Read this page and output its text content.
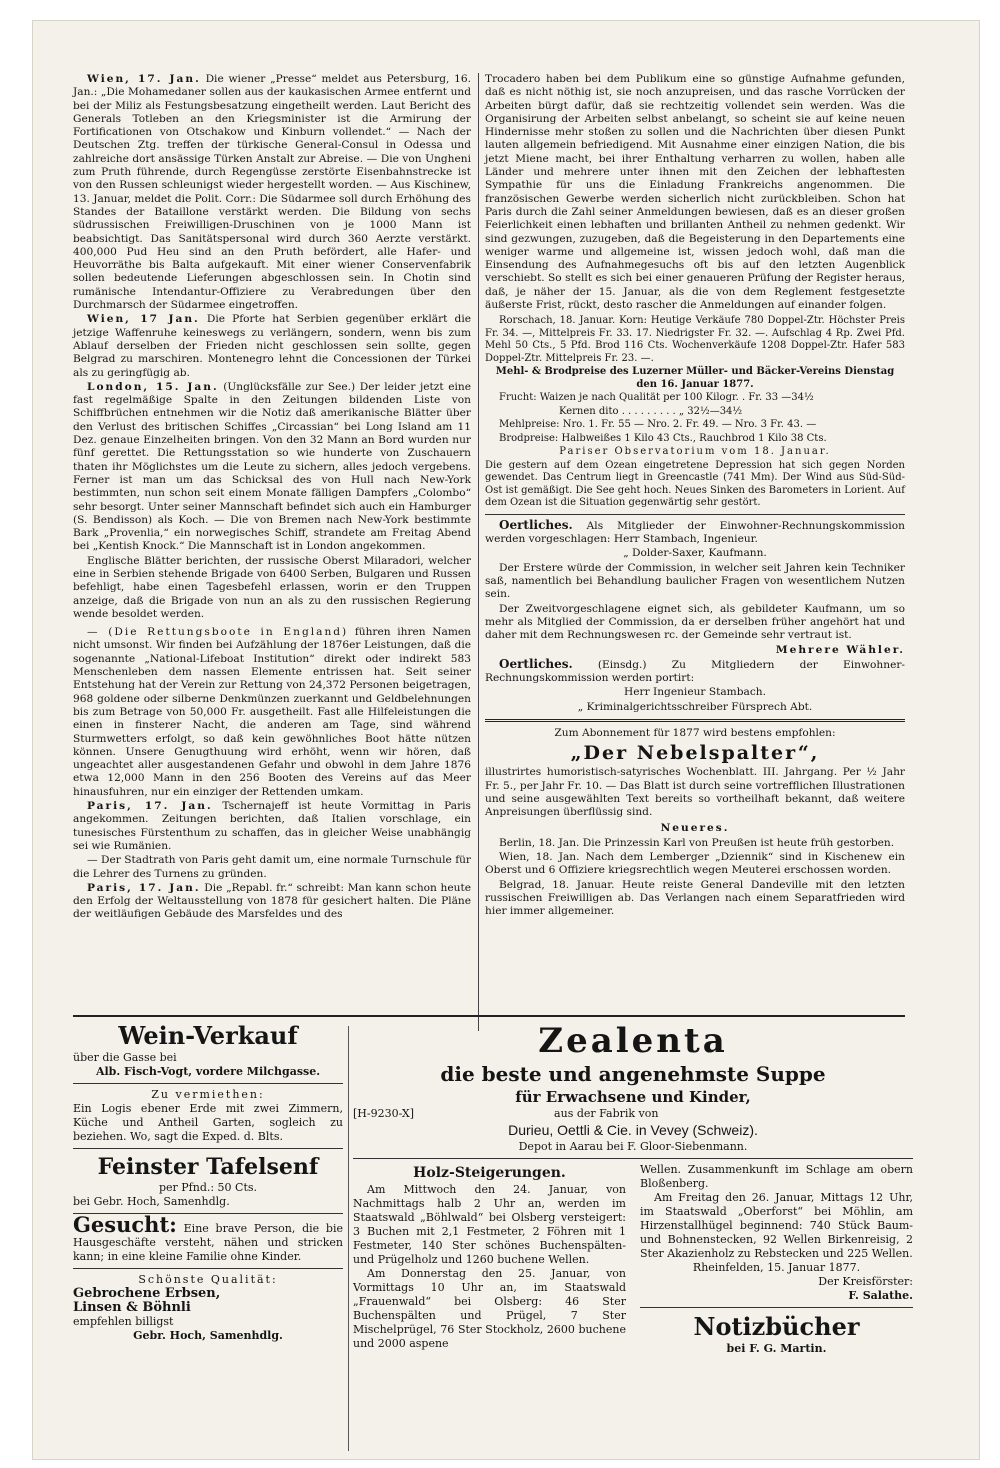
Wien, 17. Jan. Die wiener „Presse“ meldet aus Petersburg, 16. Jan.: „Die Mohamedaner sollen aus der kaukasischen Armee entfernt und bei der Miliz als Festungsbesatzung eingetheilt werden. Laut Bericht des Generals Totleben an den Kriegsminister ist die Armirung der Fortificationen von Otschakow und Kinburn vollendet.“ — Nach der Deutschen Ztg. treffen der türkische General-Consul in Odessa und zahlreiche dort ansässige Türken Anstalt zur Abreise. — Die von Ungheni zum Pruth führende, durch Regengüsse zerstörte Eisenbahnstrecke ist von den Russen schleunigst wieder hergestellt worden. — Aus Kischinew, 13. Januar, meldet die Polit. Corr.: Die Südarmee soll durch Erhöhung des Standes der Bataillone verstärkt werden. Die Bildung von sechs südrussischen Freiwilligen-Druschinen von je 1000 Mann ist beabsichtigt. Das Sanitätspersonal wird durch 360 Aerzte verstärkt. 400,000 Pud Heu sind an den Pruth befördert, alle Hafer- und Heuvorräthe bis Balta aufgekauft. Mit einer wiener Conservenfabrik sollen bedeutende Lieferungen abgeschlossen sein. In Chotin sind rumänische Intendantur-Offiziere zu Verabredungen über den Durchmarsch der Südarmee eingetroffen.

Wien, 17 Jan. Die Pforte hat Serbien gegenüber erklärt die jetzige Waffenruhe keineswegs zu verlängern, sondern, wenn bis zum Ablauf derselben der Frieden nicht geschlossen sein sollte, gegen Belgrad zu marschiren. Montenegro lehnt die Concessionen der Türkei als zu geringfügig ab.

London, 15. Jan. (Unglücksfälle zur See.) Der leider jetzt eine fast regelmäßige Spalte in den Zeitungen bildenden Liste von Schiffbrüchen entnehmen wir die Notiz daß amerikanische Blätter über den Verlust des britischen Schiffes „Circassian“ bei Long Island am 11 Dez. genaue Einzelheiten bringen. Von den 32 Mann an Bord wurden nur fünf gerettet. Die Rettungsstation so wie hunderte von Zuschauern thaten ihr Möglichstes um die Leute zu sichern, alles jedoch vergebens. Ferner ist man um das Schicksal des von Hull nach New-York bestimmten, nun schon seit einem Monate fälligen Dampfers „Colombo“ sehr besorgt. Unter seiner Mannschaft befindet sich auch ein Hamburger (S. Bendisson) als Koch. — Die von Bremen nach New-York bestimmte Bark „Provenlia,“ ein norwegisches Schiff, strandete am Freitag Abend bei „Kentish Knock.“ Die Mannschaft ist in London angekommen.

Englische Blätter berichten, der russische Oberst Milaradori, welcher eine in Serbien stehende Brigade von 6400 Serben, Bulgaren und Russen befehligt, habe einen Tagesbefehl erlassen, worin er den Truppen anzeige, daß die Brigade von nun an als zu den russischen Regierung wende besoldet werden.

— (Die Rettungsboote in England) führen ihren Namen nicht umsonst. Wir finden bei Aufzählung der 1876er Leistungen, daß die sogenannte „National-Lifeboat Institution“ direkt oder indirekt 583 Menschenleben dem nassen Elemente entrissen hat. Seit seiner Entstehung hat der Verein zur Rettung von 24,372 Personen beigetragen, 968 goldene oder silberne Denkmünzen zuerkannt und Geldbelehnungen bis zum Betrage von 50,000 Fr. ausgetheilt. Fast alle Hilfeleistungen die einen in finsterer Nacht, die anderen am Tage, sind während Sturmwetters erfolgt, so daß kein gewöhnliches Boot hätte nützen können. Unsere Genugthuung wird erhöht, wenn wir hören, daß ungeachtet aller ausgestandenen Gefahr und obwohl in dem Jahre 1876 etwa 12,000 Mann in den 256 Booten des Vereins auf das Meer hinausfuhren, nur ein einziger der Rettenden umkam.

Paris, 17. Jan. Tschernajeff ist heute Vormittag in Paris angekommen. Zeitungen berichten, daß Italien vorschlage, ein tunesisches Fürstenthum zu schaffen, das in gleicher Weise unabhängig sei wie Rumänien.

— Der Stadtrath von Paris geht damit um, eine normale Turnschule für die Lehrer des Turnens zu gründen.

Paris, 17. Jan. Die „Repabl. fr.“ schreibt: Man kann schon heute den Erfolg der Weltausstellung von 1878 für gesichert halten. Die Pläne der weitläufigen Gebäude des Marsfeldes und des

Trocadero haben bei dem Publikum eine so günstige Aufnahme gefunden, daß es nicht nöthig ist, sie noch anzupreisen, und das rasche Vorrücken der Arbeiten bürgt dafür, daß sie rechtzeitig vollendet sein werden. Was die Organisirung der Arbeiten selbst anbelangt, so scheint sie auf keine neuen Hindernisse mehr stoßen zu sollen und die Nachrichten über diesen Punkt lauten allgemein befriedigend. Mit Ausnahme einer einzigen Nation, die bis jetzt Miene macht, bei ihrer Enthaltung verharren zu wollen, haben alle Länder und mehrere unter ihnen mit den Zeichen der lebhaftesten Sympathie für uns die Einladung Frankreichs angenommen. Die französischen Gewerbe werden sicherlich nicht zurückbleiben. Schon hat Paris durch die Zahl seiner Anmeldungen bewiesen, daß es an dieser großen Feierlichkeit einen lebhaften und brillanten Antheil zu nehmen gedenkt. Wir sind gezwungen, zuzugeben, daß die Begeisterung in den Departements eine weniger warme und allgemeine ist, wissen jedoch wohl, daß man die Einsendung des Aufnahmegesuchs oft bis auf den letzten Augenblick verschiebt. So stellt es sich bei einer genaueren Prüfung der Register heraus, daß, je näher der 15. Januar, als die von dem Reglement festgesetzte äußerste Frist, rückt, desto rascher die Anmeldungen auf einander folgen.

Rorschach, 18. Januar. Korn: Heutige Verkäufe 780 Doppel-Ztr. Höchster Preis Fr. 34. —, Mittelpreis Fr. 33. 17. Niedrigster Fr. 32. —. Aufschlag 4 Rp. Zwei Pfd. Mehl 50 Cts., 5 Pfd. Brod 116 Cts. Wochenverkäufe 1208 Doppel-Ztr. Hafer 583 Doppel-Ztr. Mittelpreis Fr. 23. —.

Mehl- & Brodpreise des Luzerner Müller- und Bäcker-Vereins Dienstag den 16. Januar 1877.

Frucht: Waizen je nach Qualität per 100 Kilogr. . Fr. 33 —34½

Kernen dito . . . . . . . . . „ 32½—34½

Mehlpreise: Nro. 1. Fr. 55 — Nro. 2. Fr. 49. — Nro. 3 Fr. 43. —

Brodpreise: Halbweißes 1 Kilo 43 Cts., Rauchbrod 1 Kilo 38 Cts.

Pariser Observatorium vom 18. Januar.

Die gestern auf dem Ozean eingetretene Depression hat sich gegen Norden gewendet. Das Centrum liegt in Greencastle (741 Mm). Der Wind aus Süd-Süd-Ost ist gemäßigt. Die See geht hoch. Neues Sinken des Barometers in Lorient. Auf dem Ozean ist die Situation gegenwärtig sehr gestört.

Oertliches. Als Mitglieder der Einwohner-Rechnungskommission werden vorgeschlagen: Herr Stambach, Ingenieur.

„ Dolder-Saxer, Kaufmann.

Der Erstere würde der Commission, in welcher seit Jahren kein Techniker saß, namentlich bei Behandlung baulicher Fragen von wesentlichem Nutzen sein.

Der Zweitvorgeschlagene eignet sich, als gebildeter Kaufmann, um so mehr als Mitglied der Commission, da er derselben früher angehört hat und daher mit dem Rechnungswesen rc. der Gemeinde sehr vertraut ist.

Mehrere Wähler.

Oertliches. (Einsdg.) Zu Mitgliedern der Einwohner-Rechnungskommission werden portirt:

Herr Ingenieur Stambach.

„ Kriminalgerichtsschreiber Fürsprech Abt.

Zum Abonnement für 1877 wird bestens empfohlen:

„Der Nebelspalter“,

illustrirtes humoristisch-satyrisches Wochenblatt. III. Jahrgang. Per ½ Jahr Fr. 5., per Jahr Fr. 10. — Das Blatt ist durch seine vortrefflichen Illustrationen und seine ausgewählten Text bereits so vortheilhaft bekannt, daß weitere Anpreisungen überflüssig sind.

Neueres.

Berlin, 18. Jan. Die Prinzessin Karl von Preußen ist heute früh gestorben.

Wien, 18. Jan. Nach dem Lemberger „Dziennik“ sind in Kischenew ein Oberst und 6 Offiziere kriegsrechtlich wegen Meuterei erschossen worden.

Belgrad, 18. Januar. Heute reiste General Dandeville mit den letzten russischen Freiwilligen ab. Das Verlangen nach einem Separatfrieden wird hier immer allgemeiner.

Wein-Verkauf

über die Gasse bei

Alb. Fisch-Vogt, vordere Milchgasse.

Zu vermiethen:

Ein Logis ebener Erde mit zwei Zimmern, Küche und Antheil Garten, sogleich zu beziehen. Wo, sagt die Exped. d. Blts.

Feinster Tafelsenf

per Pfnd.: 50 Cts.

bei Gebr. Hoch, Samenhdlg.

Gesucht: Eine brave Person, die bie Hausgeschäfte versteht, nähen und stricken kann; in eine kleine Familie ohne Kinder.

Schönste Qualität:

Gebrochene Erbsen,

Linsen & Böhnli

empfehlen billigst

Gebr. Hoch, Samenhdlg.

Zealenta

die beste und angenehmste Suppe

für Erwachsene und Kinder,

[H-9230-X]	aus der Fabrik von

Durieu, Oettli & Cie. in Vevey (Schweiz).

Depot in Aarau bei F. Gloor-Siebenmann.

Holz-Steigerungen.

Am Mittwoch den 24. Januar, von Nachmittags halb 2 Uhr an, werden im Staatswald „Böhlwald“ bei Olsberg versteigert: 3 Buchen mit 2,1 Festmeter, 2 Föhren mit 1 Festmeter, 140 Ster schönes Buchenspälten- und Prügelholz und 1260 buchene Wellen.

Am Donnerstag den 25. Januar, von Vormittags 10 Uhr an, im Staatswald „Frauenwald“ bei Olsberg: 46 Ster Buchenspälten und Prügel, 7 Ster Mischelprügel, 76 Ster Stockholz, 2600 buchene und 2000 aspene

Wellen. Zusammenkunft im Schlage am obern Bloßenberg.

Am Freitag den 26. Januar, Mittags 12 Uhr, im Staatswald „Oberforst“ bei Möhlin, am Hirzenstallhügel beginnend: 740 Stück Baum- und Bohnenstecken, 92 Wellen Birkenreisig, 2 Ster Akazienholz zu Rebstecken und 225 Wellen.

Rheinfelden, 15. Januar 1877.

Der Kreisförster:

F. Salathe.

Notizbücher

bei F. G. Martin.
